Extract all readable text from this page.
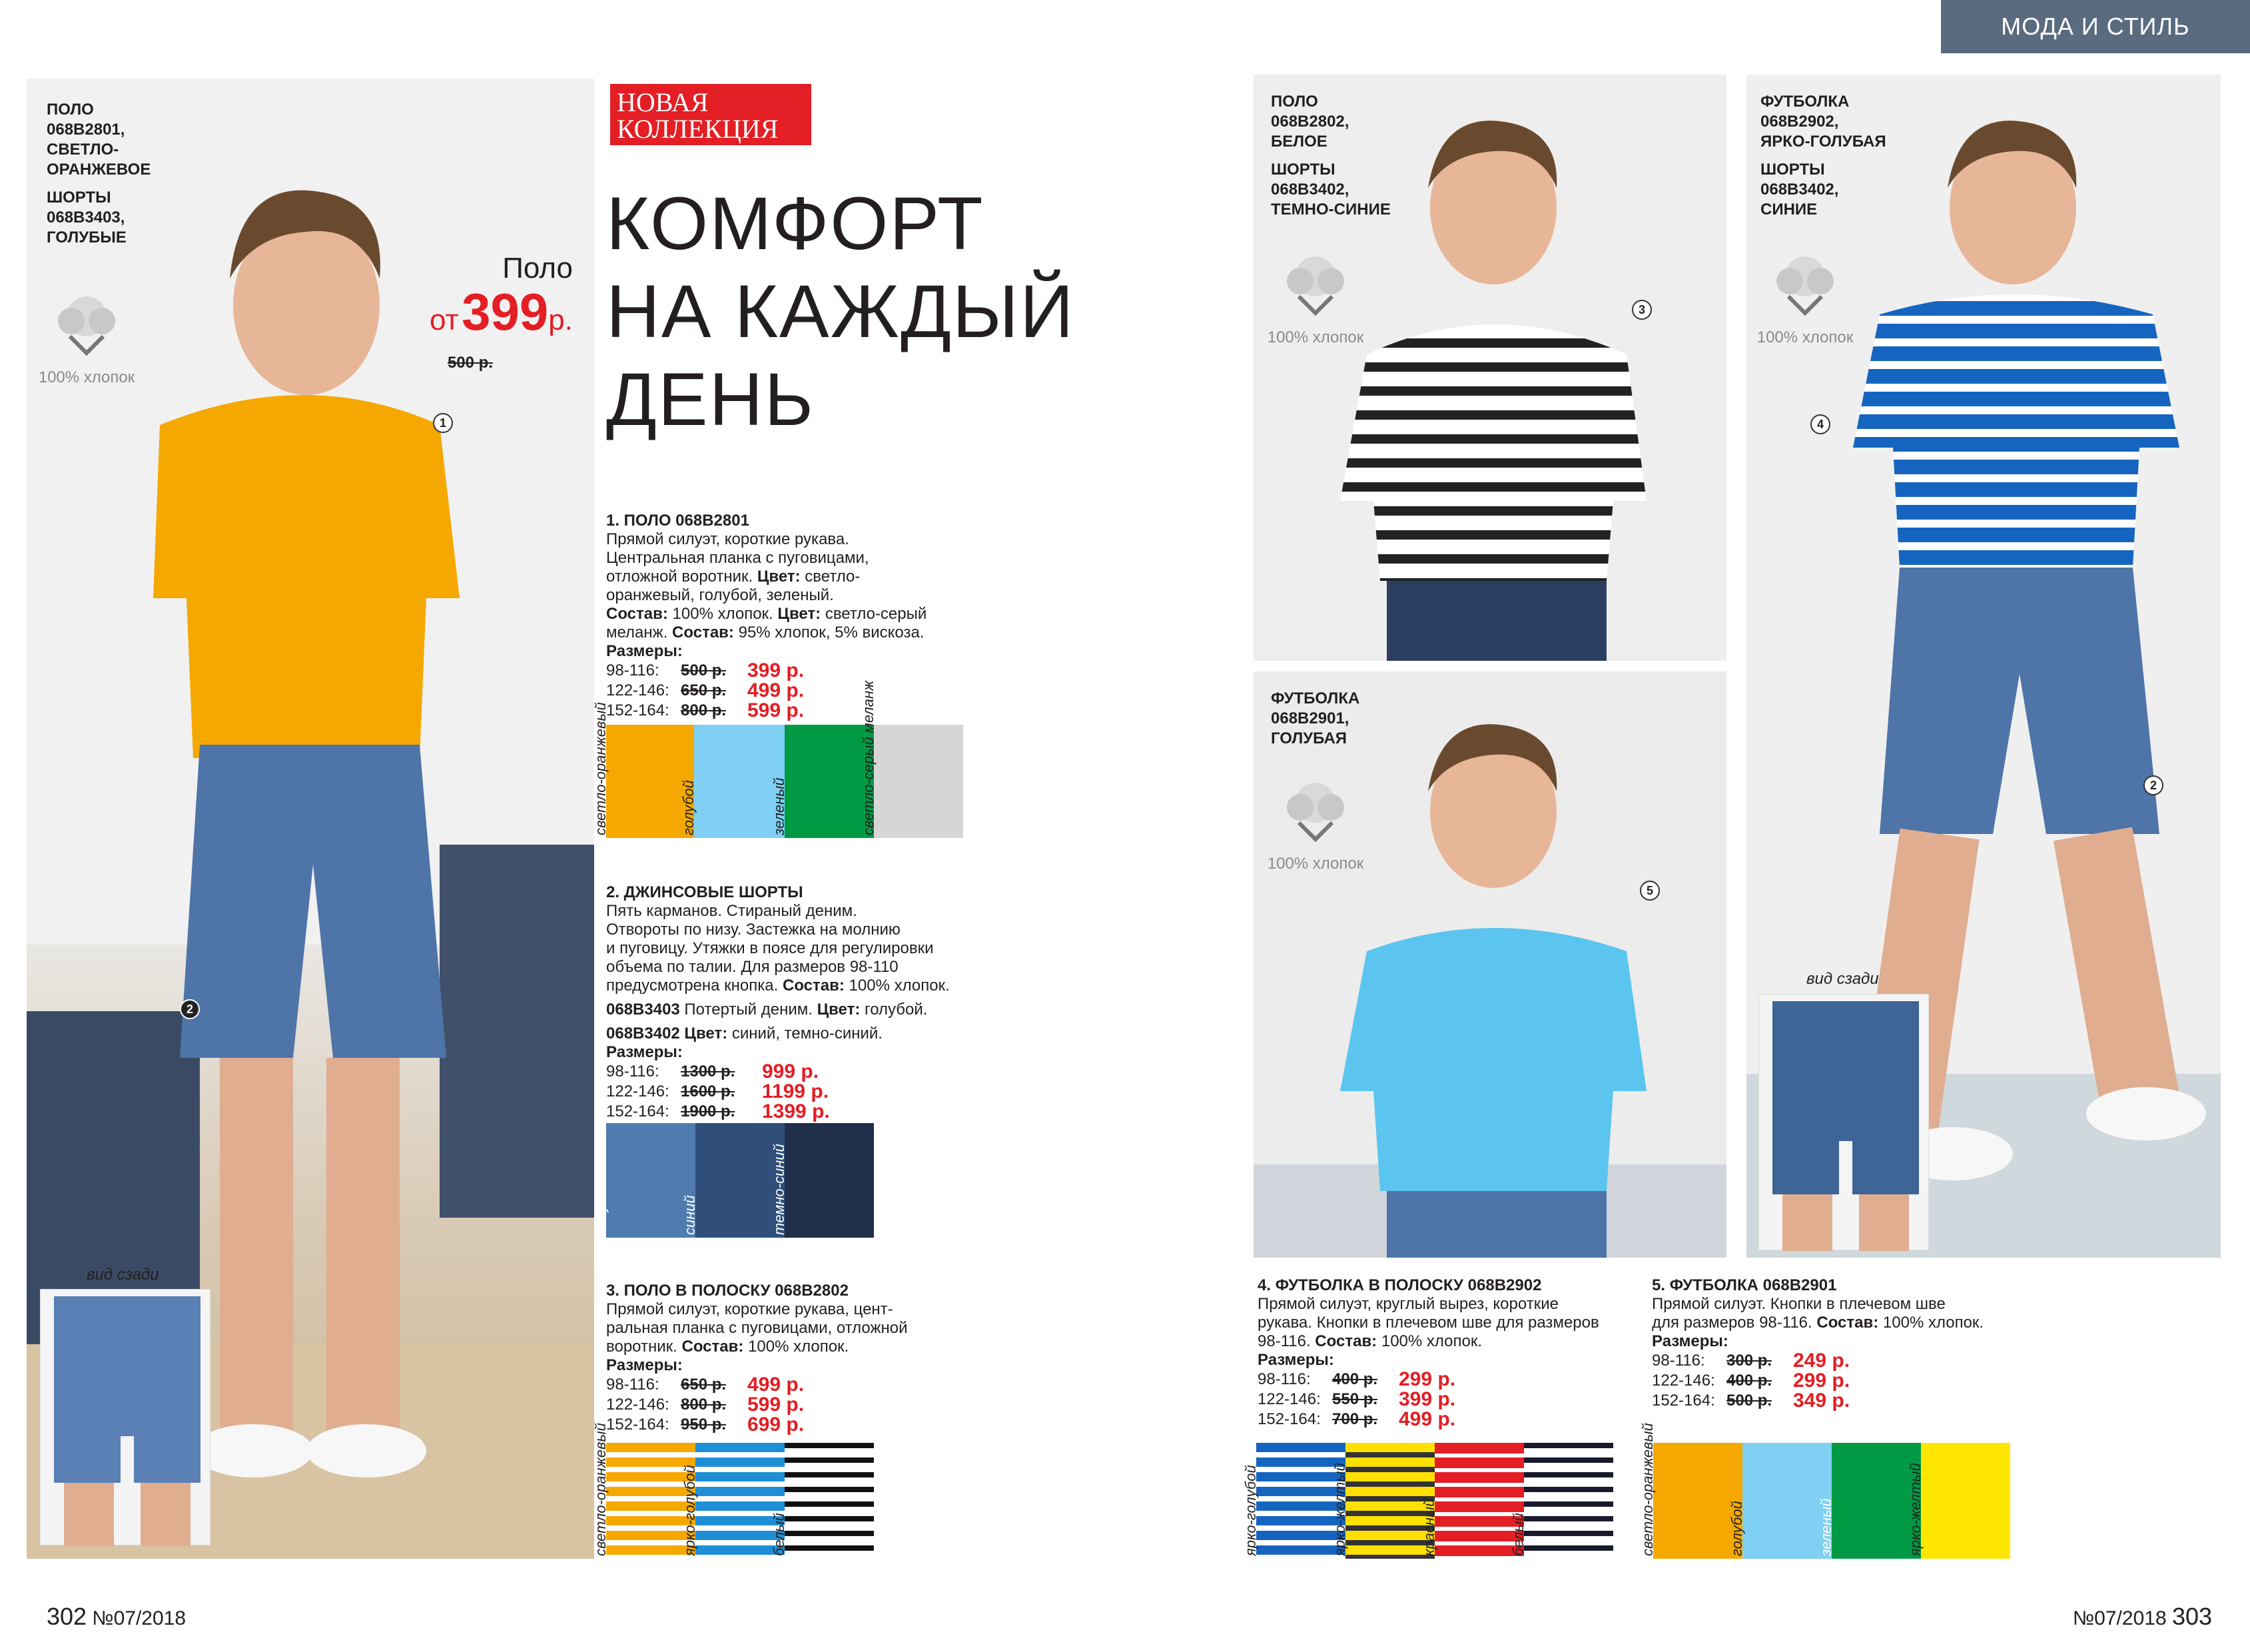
МОДА И СТИЛЬ
вид сзади
ПОЛО
068В2801,
СВЕТЛО-
ОРАНЖЕВОЕ
ШОРТЫ
068В3403,
ГОЛУБЫЕ
100% хлопок
Поло
от 399р.
500 р.
1
2
НОВАЯ
КОЛЛЕКЦИЯ
КОМФОРТ
НА КАЖДЫЙ
ДЕНЬ
1. ПОЛО 068В2801
Прямой силуэт, короткие рукава.
Центральная планка с пуговицами,
отложной воротник. Цвет: светло-
оранжевый, голубой, зеленый.
Состав: 100% хлопок. Цвет: светло-серый
меланж. Состав: 95% хлопок, 5% вискоза.
Размеры:
98-116:	500 р.	399 р.
122-146: 650 р.	499 р.
152-164: 800 р.	599 р.
светло-оранжевый	голубой	зеленый	светло-серый меланж
2. ДЖИНСОВЫЕ ШОРТЫ
Пять карманов. Стираный деним.
Отвороты по низу. Застежка на молнию
и пуговицу. Утяжки в поясе для регулировки
объема по талии. Для размеров 98-110
предусмотрена кнопка. Состав: 100% хлопок.
068В3403 Потертый деним. Цвет: голубой.
068В3402 Цвет: синий, темно-синий.
Размеры:
98-116:	1300 р.	999 р.
122-146: 1600 р.	1199 р.
152-164: 1900 р.	1399 р.
голубой	синий	темно-синий
3. ПОЛО В ПОЛОСКУ 068В2802
Прямой силуэт, короткие рукава, цент-
ральная планка с пуговицами, отложной
воротник. Состав: 100% хлопок.
Размеры:
98-116:	650 р.	499 р.
122-146: 800 р.	599 р.
152-164: 950 р.	699 р.
светло-оранжевый	ярко-голубой	белый
ПОЛО
068В2802,
БЕЛОЕ
ШОРТЫ
068В3402,
ТЕМНО-СИНИЕ
100% хлопок
3
ФУТБОЛКА
068В2901,
ГОЛУБАЯ
100% хлопок
5
ФУТБОЛКА
068В2902,
ЯРКО-ГОЛУБАЯ
ШОРТЫ
068В3402,
СИНИЕ
100% хлопок
4
2
вид сзади
4. ФУТБОЛКА В ПОЛОСКУ 068В2902
Прямой силуэт, круглый вырез, короткие
рукава. Кнопки в плечевом шве для размеров
98-116. Состав: 100% хлопок.
Размеры:
98-116:	400 р.	299 р.
122-146: 550 р.	399 р.
152-164: 700 р.	499 р.
ярко-голубой	ярко-желтый	красный	белый
5. ФУТБОЛКА 068В2901
Прямой силуэт. Кнопки в плечевом шве
для размеров 98-116. Состав: 100% хлопок.
Размеры:
98-116:	300 р.	249 р.
122-146: 400 р.	299 р.
152-164: 500 р.	349 р.
светло-оранжевый	голубой	зеленый	ярко-желтый
302 №07/2018	№07/2018 303
